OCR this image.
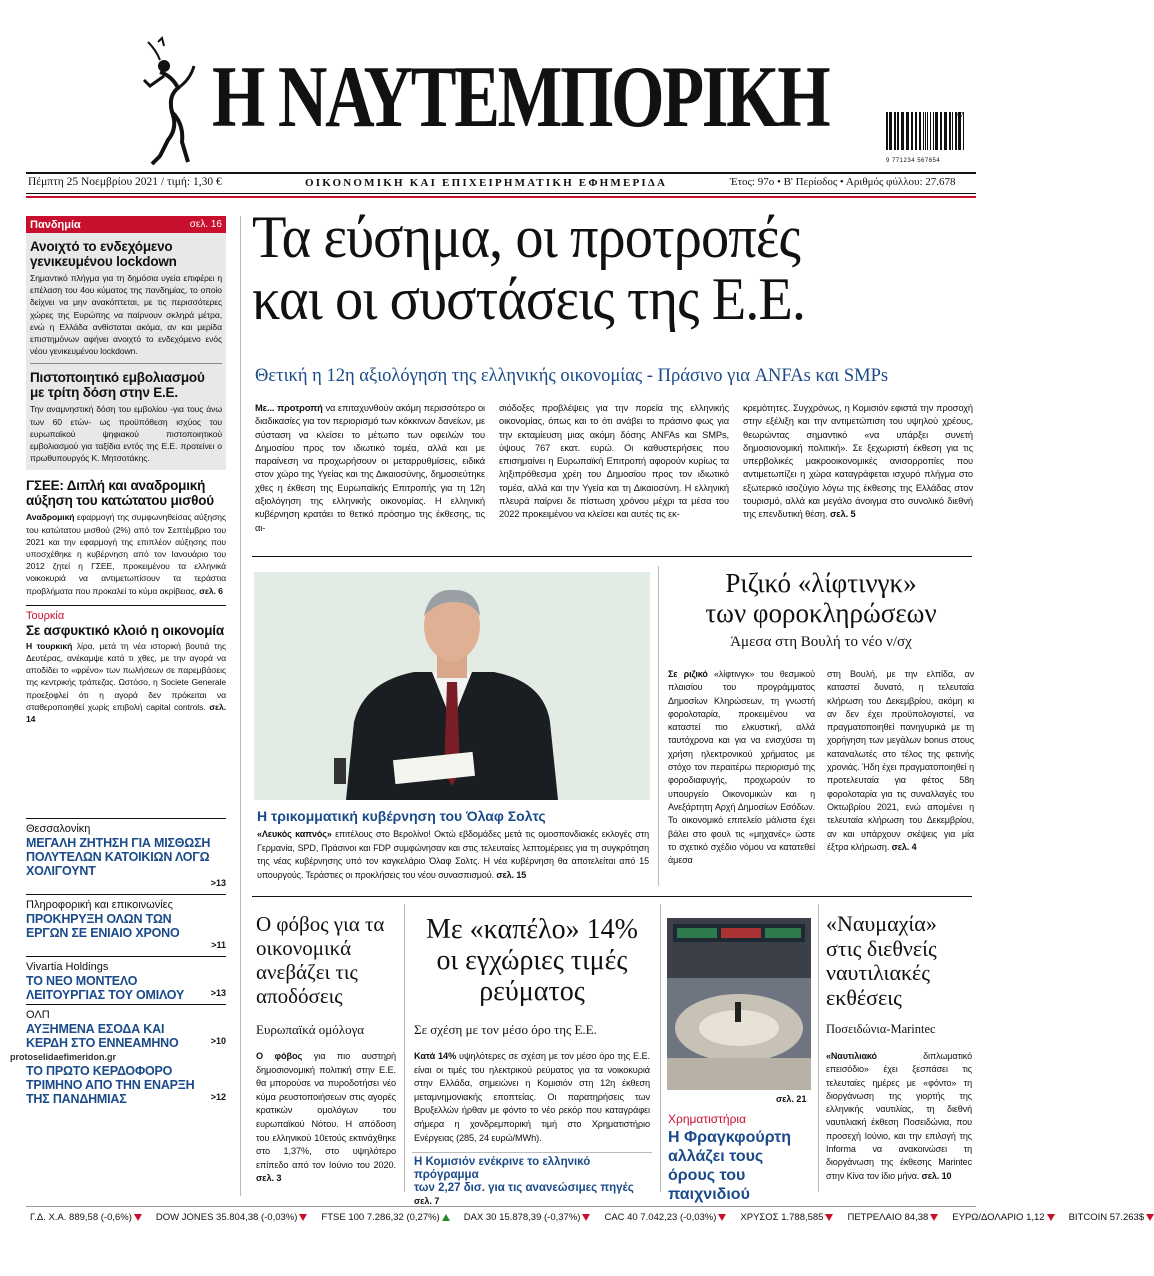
Η ΝΑΥΤΕΜΠΟΡΙΚΗ
9 771234 567654
47
Πέμπτη 25 Νοεμβρίου 2021 / τιμή: 1,30 €	ΟΙΚΟΝΟΜΙΚΗ ΚΑΙ ΕΠΙΧΕΙΡΗΜΑΤΙΚΗ ΕΦΗΜΕΡΙΔΑ	Έτος: 97ο • Β' Περίοδος • Αριθμός φύλλου: 27.678
Πανδημία	σελ. 16
Ανοιχτό το ενδεχόμενο γενικευμένου lockdown

Σημαντικό πλήγμα για τη δημόσια υγεία επιφέρει η επέλαση του 4ου κύματος της πανδημίας, το οποίο δείχνει να μην ανακόπτεται, με τις περισσότερες χώρες της Ευρώπης να παίρνουν σκληρά μέτρα, ενώ η Ελλάδα ανθίσταται ακόμα, αν και μερίδα επιστημόνων αφήνει ανοιχτό το ενδεχόμενο ενός νέου γενικευμένου lockdown.

Πιστοποιητικό εμβολιασμού με τρίτη δόση στην Ε.Ε.

Την αναμνηστική δόση του εμβολίου -για τους άνω των 60 ετών- ως προϋπόθεση ισχύος του ευρωπαϊκού ψηφιακού πιστοποιητικού εμβολιασμού για ταξίδια εντός της Ε.Ε. προτείνει ο πρωθυπουργός Κ. Μητσοτάκης.

ΓΣΕΕ: Διπλή και αναδρομική αύξηση του κατώτατου μισθού

Αναδρομική εφαρμογή της συμφωνηθείσας αύξησης του κατώτατου μισθού (2%) από τον Σεπτέμβριο του 2021 και την εφαρμογή της επιπλέον αύξησης που υποσχέθηκε η κυβέρνηση από τον Ιανουάριο του 2012 ζητεί η ΓΣΕΕ, προκειμένου τα ελληνικά νοικοκυριά να αντιμετωπίσουν τα τεράστια προβλήματα που προκαλεί το κύμα ακρίβειας. σελ. 6

Τουρκία
Σε ασφυκτικό κλοιό η οικονομία

Η τουρκική λίρα, μετά τη νέα ιστορική βουτιά της Δευτέρας, ανέκαμψε κατά τι χθες, με την αγορά να αποδίδει το «φρένο» των πωλήσεων σε παρεμβάσεις της κεντρικής τράπεζας. Ωστόσο, η Societe Generale προεξοφλεί ότι η αγορά δεν πρόκειται να σταθεροποιηθεί χωρίς επιβολή capital controls. σελ. 14

Θεσσαλονίκη
ΜΕΓΑΛΗ ΖΗΤΗΣΗ ΓΙΑ ΜΙΣΘΩΣΗ ΠΟΛΥΤΕΛΩΝ ΚΑΤΟΙΚΙΩΝ ΛΟΓΩ ΧΟΛΙΓΟΥΝΤ
>13
Πληροφορική και επικοινωνίες
ΠΡΟΚΗΡΥΞΗ ΟΛΩΝ ΤΩΝ ΕΡΓΩΝ ΣΕ ΕΝΙΑΙΟ ΧΡΟΝΟ
>11
Vivartia Holdings
ΤΟ ΝΕΟ ΜΟΝΤΕΛΟ ΛΕΙΤΟΥΡΓΙΑΣ ΤΟΥ ΟΜΙΛΟΥ	>13
ΟΛΠ
ΑΥΞΗΜΕΝΑ ΕΣΟΔΑ ΚΑΙ ΚΕΡΔΗ ΣΤΟ ΕΝΝΕΑΜΗΝΟ	>10
protoselidaefimeridon.gr
ΤΟ ΠΡΩΤΟ ΚΕΡΔΟΦΟΡΟ ΤΡΙΜΗΝΟ ΑΠΟ ΤΗΝ ΕΝΑΡΞΗ ΤΗΣ ΠΑΝΔΗΜΙΑΣ	>12
Τα εύσημα, οι προτροπές
και οι συστάσεις της Ε.Ε.
Θετική η 12η αξιολόγηση της ελληνικής οικονομίας - Πράσινο για ANFAs και SMPs

Με... προτροπή να επιταχυνθούν ακόμη περισσότερο οι διαδικασίες για τον περιορισμό των κόκκινων δανείων, με σύσταση να κλείσει το μέτωπο των οφειλών του Δημοσίου προς τον ιδιωτικό τομέα, αλλά και με παραίνεση να προχωρήσουν οι μεταρρυθμίσεις, ειδικά στον χώρο της Υγείας και της Δικαιοσύνης, δημοσιεύτηκε χθες η έκθεση της Ευρωπαϊκής Επιτροπής για τη 12η αξιολόγηση της ελληνικής οικονομίας. Η ελληνική κυβέρνηση κρατάει το θετικό πρόσημο της έκθεσης, τις αι-

σιόδοξες προβλέψεις για την πορεία της ελληνικής οικονομίας, όπως και το ότι ανάβει το πράσινο φως για την εκταμίευση μιας ακόμη δόσης ANFAs και SMPs, ύψους 767 εκατ. ευρώ. Οι καθυστερήσεις που επισημαίνει η Ευρωπαϊκή Επιτροπή αφορούν κυρίως τα ληξιπρόθεσμα χρέη του Δημοσίου προς τον ιδιωτικό τομέα, αλλά και την Υγεία και τη Δικαιοσύνη. Η ελληνική πλευρά παίρνει δε πίστωση χρόνου μέχρι τα μέσα του 2022 προκειμένου να κλείσει και αυτές τις εκ-

κρεμότητες. Συγχρόνως, η Κομισιόν εφιστά την προσοχή στην εξέλιξη και την αντιμετώπιση του υψηλού χρέους, θεωρώντας σημαντικό «να υπάρξει συνετή δημοσιονομική πολιτική». Σε ξεχωριστή έκθεση για τις υπερβολικές μακροοικονομικές ανισορροπίες που αντιμετωπίζει η χώρα καταγράφεται ισχυρό πλήγμα στο εξωτερικό ισοζύγιο λόγω της έκθεσης της Ελλάδας στον τουρισμό, αλλά και μεγάλο άνοιγμα στο συνολικό διεθνή της επενδυτική θέση. σελ. 5

Η τρικομματική κυβέρνηση του Όλαφ Σολτς

«Λευκός καπνός» επιτέλους στο Βερολίνο! Οκτώ εβδομάδες μετά τις ομοσπονδιακές εκλογές στη Γερμανία, SPD, Πράσινοι και FDP συμφώνησαν και στις τελευταίες λεπτομέρειες για τη συγκρότηση της νέας κυβέρνησης υπό τον καγκελάριο Όλαφ Σολτς. Η νέα κυβέρνηση θα αποτελείται από 15 υπουργούς. Τεράστιες οι προκλήσεις του νέου συνασπισμού. σελ. 15

Ριζικό «λίφτινγκ»
των φοροκληρώσεων
Άμεσα στη Βουλή το νέο ν/σχ

Σε ριζικό «λίφτινγκ» του θεσμικού πλαισίου του προγράμματος Δημοσίων Κληρώσεων, τη γνωστή φορολοταρία, προκειμένου να καταστεί πιο ελκυστική, αλλά ταυτόχρονα και για να ενισχύσει τη χρήση ηλεκτρονικού χρήματος με στόχο τον περαιτέρω περιορισμό της φοροδιαφυγής, προχωρούν το υπουργείο Οικονομικών και η Ανεξάρτητη Αρχή Δημοσίων Εσόδων. Το οικονομικό επιτελείο μάλιστα έχει βάλει στο φουλ τις «μηχανές» ώστε το σχετικό σχέδιο νόμου να κατατεθεί άμεσα

στη Βουλή, με την ελπίδα, αν καταστεί δυνατό, η τελευταία κλήρωση του Δεκεμβρίου, ακόμη κι αν δεν έχει προϋπολογιστεί, να πραγματοποιηθεί πανηγυρικά με τη χορήγηση των μεγάλων bonus στους καταναλωτές στο τέλος της φετινής χρονιάς. Ήδη έχει πραγματοποιηθεί η προτελευταία για φέτος 58η φορολοταρία για τις συναλλαγές του Οκτωβρίου 2021, ενώ απομένει η τελευταία κλήρωση του Δεκεμβρίου, αν και υπάρχουν σκέψεις για μία έξτρα κλήρωση. σελ. 4

Ο φόβος για τα οικονομικά ανεβάζει τις αποδόσεις
Ευρωπαϊκά ομόλογα

Ο φόβος για πιο αυστηρή δημοσιονομική πολιτική στην Ε.Ε. θα μπορούσε να πυροδοτήσει νέο κύμα ρευστοποιήσεων στις αγορές κρατικών ομολόγων του ευρωπαϊκού Νότου. Η απόδοση του ελληνικού 10ετούς εκτινάχθηκε στο 1,37%, στο υψηλότερο επίπεδο από τον Ιούνιο του 2020. σελ. 3

Με «καπέλο» 14% οι εγχώριες τιμές ρεύματος
Σε σχέση με τον μέσο όρο της Ε.Ε.

Κατά 14% υψηλότερες σε σχέση με τον μέσο όρο της Ε.Ε. είναι οι τιμές του ηλεκτρικού ρεύματος για τα νοικοκυριά στην Ελλάδα, σημειώνει η Κομισιόν στη 12η έκθεση μεταμνημονιακής εποπτείας. Οι παρατηρήσεις των Βρυξελλών ήρθαν με φόντο το νέο ρεκόρ που καταγράφει σήμερα η χονδρεμπορική τιμή στο Χρηματιστήριο Ενέργειας (285, 24 ευρώ/MWh).

Η Κομισιόν ενέκρινε το ελληνικό πρόγραμμα
των 2,27 δισ. για τις ανανεώσιμες πηγές σελ. 7
σελ. 21
Χρηματιστήρια
Η Φραγκφούρτη αλλάζει τους όρους του παιχνιδιού
«Ναυμαχία» στις διεθνείς ναυτιλιακές εκθέσεις
Ποσειδώνια-Marintec

«Ναυτιλιακό διπλωματικό επεισόδιο» έχει ξεσπάσει τις τελευταίες ημέρες με «φόντο» τη διοργάνωση της γιορτής της ελληνικής ναυτιλίας, τη διεθνή ναυτιλιακή έκθεση Ποσειδώνια, που προσεχή Ιούνιο, και την επιλογή της Informa να ανακοινώσει τη διοργάνωση της έκθεσης Marintec στην Κίνα τον ίδιο μήνα. σελ. 10

Γ.Δ. Χ.Α. 889,58 (-0,6%)	DOW JONES 35.804,38 (-0,03%)	FTSE 100 7.286,32 (0,27%)	DAX 30 15.878,39 (-0,37%)	CAC 40 7.042,23 (-0,03%)	ΧΡΥΣΟΣ 1.788,585	ΠΕΤΡΕΛΑΙΟ 84,38	ΕΥΡΩ/ΔΟΛΑΡΙΟ 1,12	BITCOIN 57.263$
